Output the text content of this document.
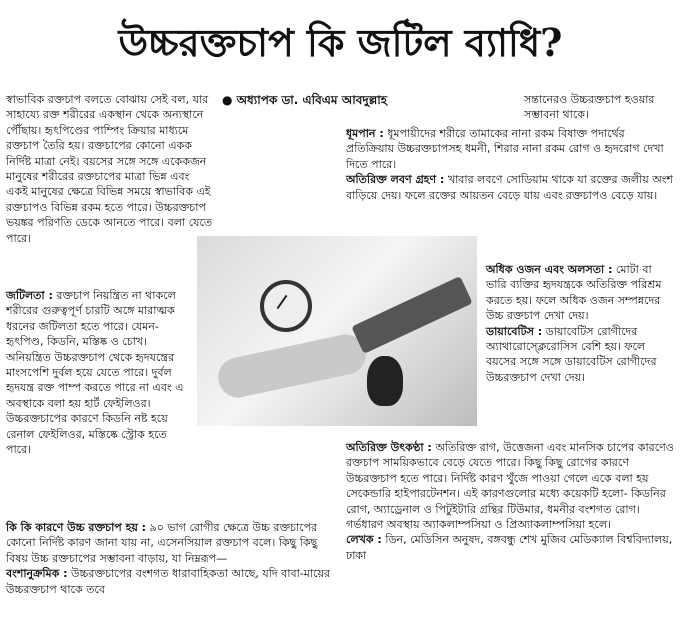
উচ্চরক্তচাপ কি জটিল ব্যাধি?
● অধ্যাপক ডা. এবিএম আবদুল্লাহ

স্বাভাবিক রক্তচাপ বলতে বোঝায় সেই বল, যার সাহায্যে রক্ত শরীরের একস্থান থেকে অন্যস্থানে পৌঁছায়। হৃৎপিণ্ডের পাম্পিং ক্রিয়ার মাধ্যমে রক্তচাপ তৈরি হয়। রক্তচাপের কোনো একক নির্দিষ্ট মাত্রা নেই। বয়সের সঙ্গে সঙ্গে একেকজন মানুষের শরীরের রক্তচাপের মাত্রা ভিন্ন এবং একই মানুষের ক্ষেত্রে বিভিন্ন সময়ে স্বাভাবিক এই রক্তচাপও বিভিন্ন রকম হতে পারে। উচ্চরক্তচাপ ভয়ঙ্কর পরিণতি ডেকে আনতে পারে। বলা যেতে পারে।

জটিলতা : রক্তচাপ নিয়ন্ত্রিত না থাকলে শরীরের গুরুত্বপূর্ণ চারটি অঙ্গে মারাত্মক ধরনের জটিলতা হতে পারে। যেমন- হৃৎপিণ্ড, কিডনি, মস্তিষ্ক ও চোখ। অনিয়ন্ত্রিত উচ্চরক্তচাপ থেকে হৃদযন্ত্রের মাংসপেশি দুর্বল হয়ে যেতে পারে। দুর্বল হৃদযন্ত্র রক্ত পাম্প করতে পারে না এবং এ অবস্থাকে বলা হয় হার্ট ফেইলিওর। উচ্চরক্তচাপের কারণে কিডনি নষ্ট হয়ে রেনাল ফেইলিওর, মস্তিষ্কে স্ট্রোক হতে পারে।

কি কি কারণে উচ্চ রক্তচাপ হয় : ৯০ ভাগ রোগীর ক্ষেত্রে উচ্চ রক্তচাপের কোনো নির্দিষ্ট কারণ জানা যায় না, এসেনসিয়াল রক্তচাপ বলে। কিছু কিছু বিষয় উচ্চ রক্তচাপের সম্ভাবনা বাড়ায়, যা নিম্নরূপ—

বংশানুক্রমিক : উচ্চরক্তচাপের বংশগত ধারাবাহিকতা আছে, যদি বাবা-মায়ের উচ্চরক্তচাপ থাকে তবে

সন্তানেরও উচ্চরক্তচাপ হওয়ার সম্ভাবনা থাকে।

ধূমপান : ধূমপায়ীদের শরীরে তামাকের নানা রকম বিষাক্ত পদার্থের প্রতিক্রিয়ায় উচ্চরক্তচাপসহ ধমনী, শিরার নানা রকম রোগ ও হৃদরোগ দেখা দিতে পারে।

অতিরিক্ত লবণ গ্রহণ : খাবার লবণে সোডিয়াম থাকে যা রক্তের জলীয় অংশ বাড়িয়ে দেয়। ফলে রক্তের আয়তন বেড়ে যায় এবং রক্তচাপও বেড়ে যায়।

অধিক ওজন এবং অলসতা : মোটা বা ভারি ব্যক্তির হৃদযন্ত্রকে অতিরিক্ত পরিশ্রম করতে হয়। ফলে অধিক ওজন সম্পন্নদের উচ্চ রক্তচাপ দেখা দেয়।

ডায়াবেটিস : ডায়াবেটিস রোগীদের অ্যাথারোস্ক্লেরোসিস বেশি হয়। ফলে বয়সের সঙ্গে সঙ্গে ডায়াবেটিস রোগীদের উচ্চরক্তচাপ দেখা দেয়।

অতিরিক্ত উৎকণ্ঠা : অতিরিক্ত রাগ, উত্তেজনা এবং মানসিক চাপের কারণেও রক্তচাপ সাময়িকভাবে বেড়ে যেতে পারে। কিছু কিছু রোগের কারণে উচ্চরক্তচাপ হতে পারে। নির্দিষ্ট কারণ খুঁজে পাওয়া গেলে একে বলা হয় সেকেন্ডারি হাইপারটেনশন। এই কারণগুলোর মধ্যে কয়েকটি হলো- কিডনির রোগ, অ্যাড্রেনাল ও পিটুইটারি গ্রন্থির টিউমার, ধমনীর বংশগত রোগ। গর্ভধারণ অবস্থায় অ্যাকলাম্পসিয়া ও প্রিঅ্যাকলাম্পসিয়া হলে।

লেখক : ডিন, মেডিসিন অনুষদ, বঙ্গবন্ধু শেখ মুজিব মেডিক্যাল বিশ্ববিদ্যালয়, ঢাকা
